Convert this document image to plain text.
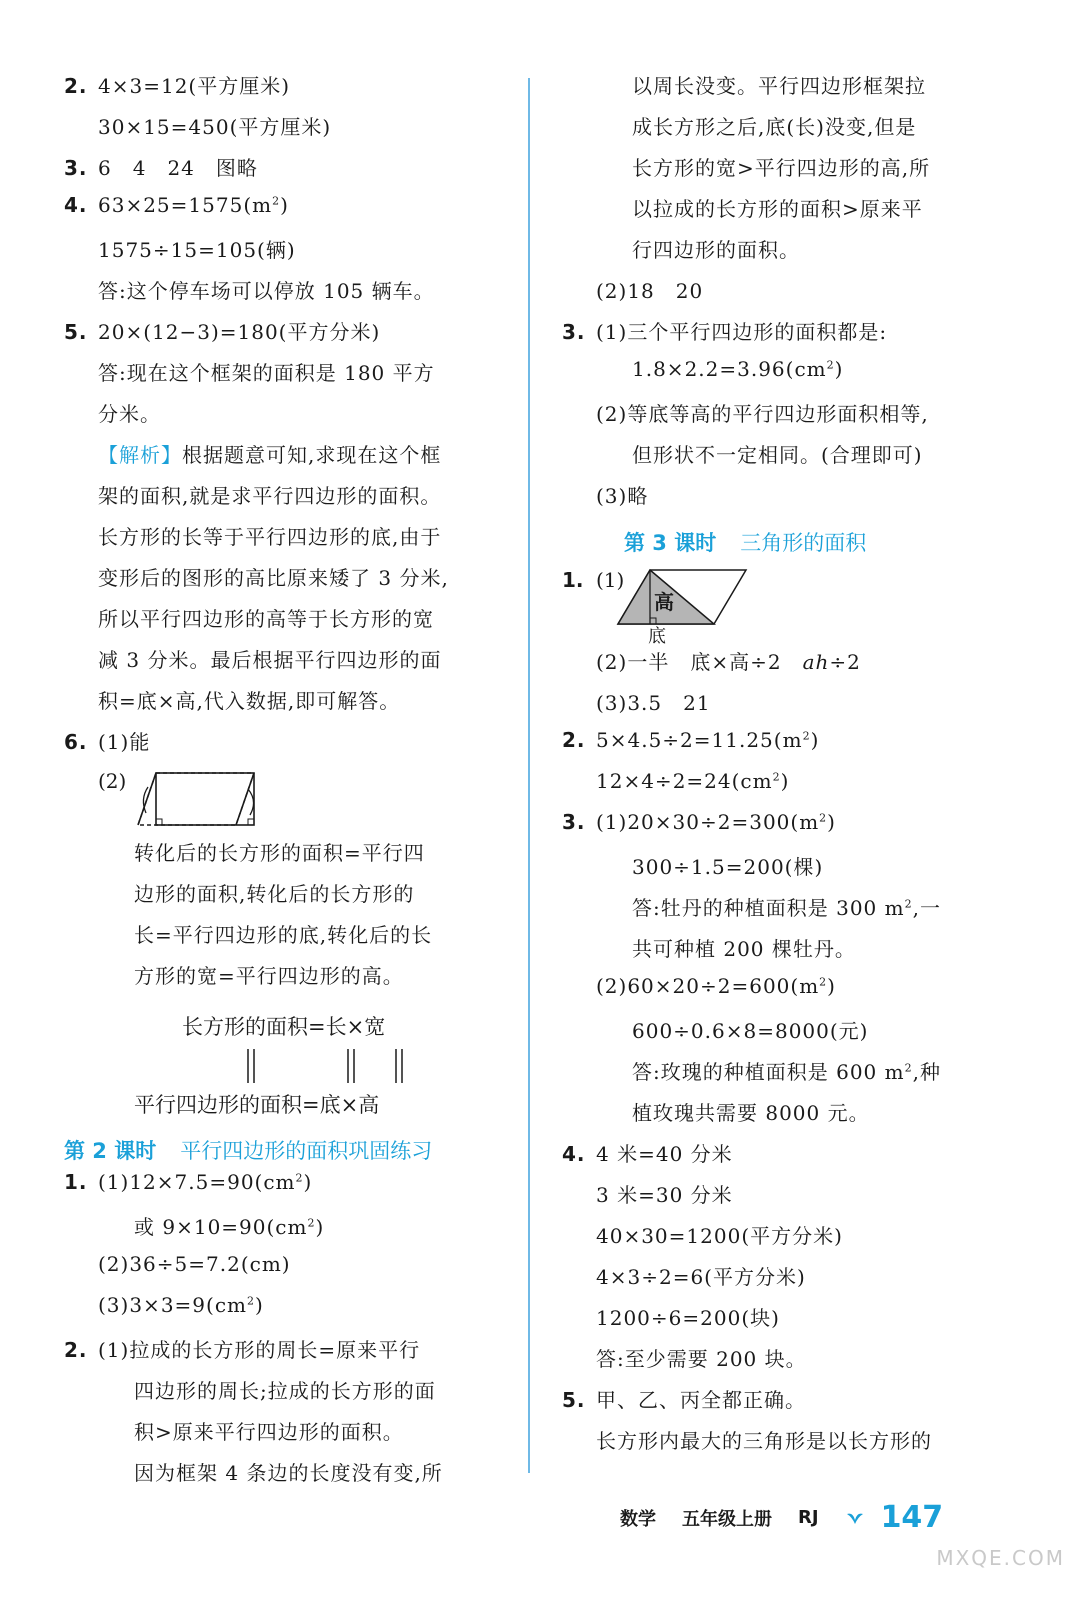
2. 4×3=12(平方厘米)
30×15=450(平方厘米)
3. 6　4　24　图略
4. $63\times 25=1575(m^2)$
1575÷15=105(辆)
答:这个停车场可以停放 105 辆车。
5. 20×(12−3)=180(平方分米)
答:现在这个框架的面积是 180 平方
分米。
【解析】 根据题意可知,求现在这个框
架的面积,就是求平行四边形的面积。
长方形的长等于平行四边形的底,由于
变形后的图形的高比原来矮了 3 分米,
所以平行四边形的高等于长方形的宽
减 3 分米。最后根据平行四边形的面
积=底×高,代入数据,即可解答。
6. (1)能
(2)
转化后的长方形的面积=平行四
边形的面积,转化后的长方形的
长=平行四边形的底,转化后的长
方形的宽=平行四边形的高。
长方形的面积=长×宽
平行四边形的面积=底×高
第 2 课时 平行四边形的面积巩固练习
1. $(1)12\times 7.5=90(cm^2)$
或 $9\times 10=90(cm^2)$
(2)36÷5=7.2(cm)
$(3)3\times 3=9(cm^2)$
2. (1)拉成的长方形的周长=原来平行
四边形的周长;拉成的长方形的面
积>原来平行四边形的面积。
因为框架 4 条边的长度没有变,所
以周长没变。平行四边形框架拉
成长方形之后,底(长)没变,但是
长方形的宽>平行四边形的高,所
以拉成的长方形的面积>原来平
行四边形的面积。
(2)18　20
3. (1)三个平行四边形的面积都是:
$1.8\times 2.2=3.96(cm^2)$
(2)等底等高的平行四边形面积相等,
但形状不一定相同。(合理即可)
(3)略
第 3 课时 三角形的面积
1. (1)
高
底
(2)一半　底×高÷2　ah÷2
(3)3.5　21
2. $5\times 4.5\div 2=11.25(m^2)$
$12\times 4\div 2=24(cm^2)$
3. $(1)20\times 30\div 2=300(m^2)$
300÷1.5=200(棵)
答:牡丹的种植面积是 300 $m^2$,一
共可种植 200 棵牡丹。
$(2)60\times 20\div 2=600(m^2)$
600÷0.6×8=8000(元)
答:玫瑰的种植面积是 600 $m^2$,种
植玫瑰共需要 8000 元。
4. 4 米=40 分米
3 米=30 分米
40×30=1200(平方分米)
4×3÷2=6(平方分米)
1200÷6=200(块)
答:至少需要 200 块。
5. 甲、乙、丙全都正确。
长方形内最大的三角形是以长方形的
数学 五年级上册 RJ 147
MXQE.COM
